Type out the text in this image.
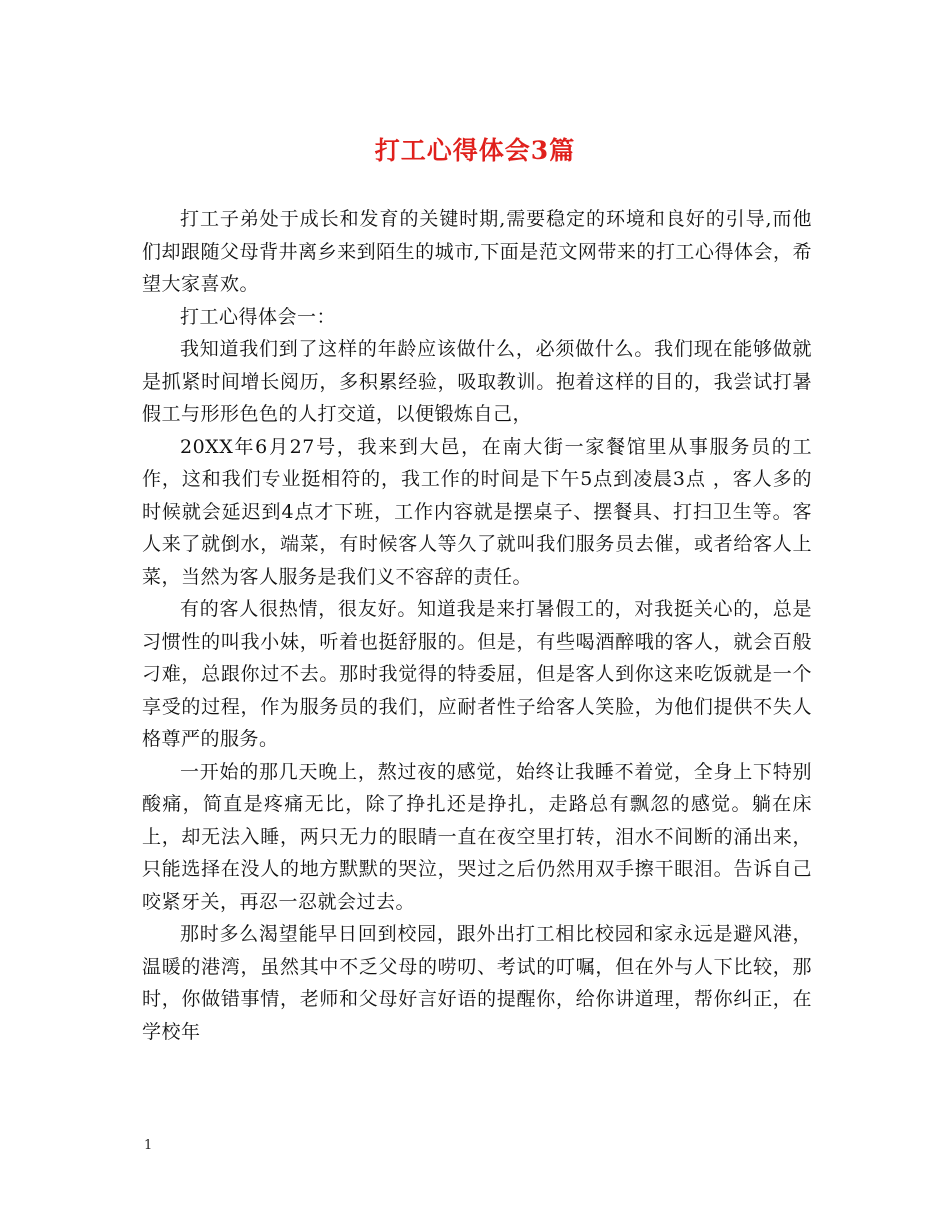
打工心得体会3篇

打工子弟处于成长和发育的关键时期,需要稳定的环境和良好的引导,而他们却跟随父母背井离乡来到陌生的城市,下面是范文网带来的打工心得体会，希望大家喜欢。

打工心得体会一：

我知道我们到了这样的年龄应该做什么，必须做什么。我们现在能够做就是抓紧时间增长阅历，多积累经验，吸取教训。抱着这样的目的，我尝试打暑假工与形形色色的人打交道，以便锻炼自己，

20XX年6月27号，我来到大邑，在南大街一家餐馆里从事服务员的工作，这和我们专业挺相符的，我工作的时间是下午5点到凌晨3点 ，客人多的时候就会延迟到4点才下班，工作内容就是摆桌子、摆餐具、打扫卫生等。客人来了就倒水，端菜，有时候客人等久了就叫我们服务员去催，或者给客人上菜，当然为客人服务是我们义不容辞的责任。

有的客人很热情，很友好。知道我是来打暑假工的，对我挺关心的，总是习惯性的叫我小妹，听着也挺舒服的。但是，有些喝酒醉哦的客人，就会百般刁难，总跟你过不去。那时我觉得的特委屈，但是客人到你这来吃饭就是一个享受的过程，作为服务员的我们，应耐者性子给客人笑脸，为他们提供不失人格尊严的服务。

一开始的那几天晚上，熬过夜的感觉，始终让我睡不着觉，全身上下特别酸痛，简直是疼痛无比，除了挣扎还是挣扎，走路总有飘忽的感觉。躺在床上，却无法入睡，两只无力的眼睛一直在夜空里打转，泪水不间断的涌出来，只能选择在没人的地方默默的哭泣，哭过之后仍然用双手擦干眼泪。告诉自己咬紧牙关，再忍一忍就会过去。

那时多么渴望能早日回到校园，跟外出打工相比校园和家永远是避风港，温暖的港湾，虽然其中不乏父母的唠叨、考试的叮嘱，但在外与人下比较，那时，你做错事情，老师和父母好言好语的提醒你，给你讲道理，帮你纠正，在学校年

1
